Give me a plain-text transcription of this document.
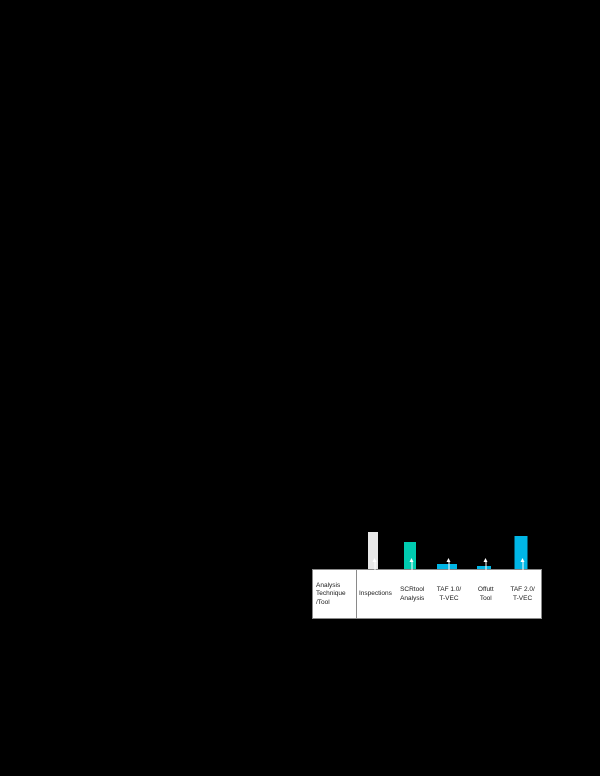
Analysis
Technique
/Tool
Inspections
SCRtool
Analysis
TAF 1.0/
T-VEC
Offutt
Tool
TAF 2.0/
T-VEC
